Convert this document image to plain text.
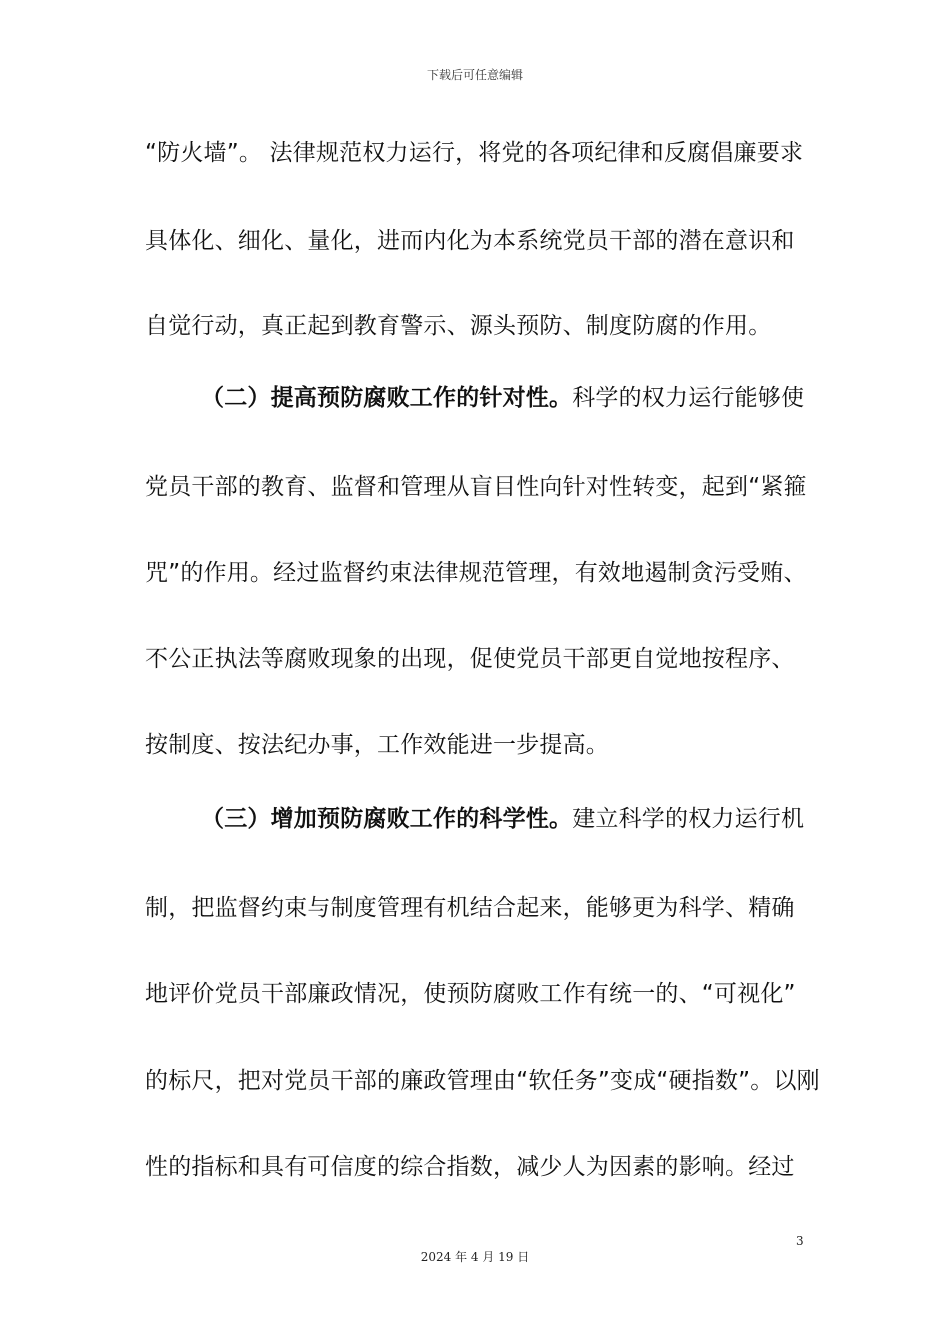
下载后可任意编辑
“防火墙”。 法律规范权力运行，将党的各项纪律和反腐倡廉要求
具体化、细化、量化，进而内化为本系统党员干部的潜在意识和
自觉行动，真正起到教育警示、源头预防、制度防腐的作用。
（二）提高预防腐败工作的针对性。科学的权力运行能够使
党员干部的教育、监督和管理从盲目性向针对性转变，起到“紧箍
咒”的作用。经过监督约束法律规范管理，有效地遏制贪污受贿、
不公正执法等腐败现象的出现，促使党员干部更自觉地按程序、
按制度、按法纪办事，工作效能进一步提高。
（三）增加预防腐败工作的科学性。建立科学的权力运行机
制，把监督约束与制度管理有机结合起来，能够更为科学、精确
地评价党员干部廉政情况，使预防腐败工作有统一的、“可视化”
的标尺，把对党员干部的廉政管理由“软任务”变成“硬指数”。以刚
性的指标和具有可信度的综合指数，减少人为因素的影响。经过
3
2024 年 4 月 19 日
